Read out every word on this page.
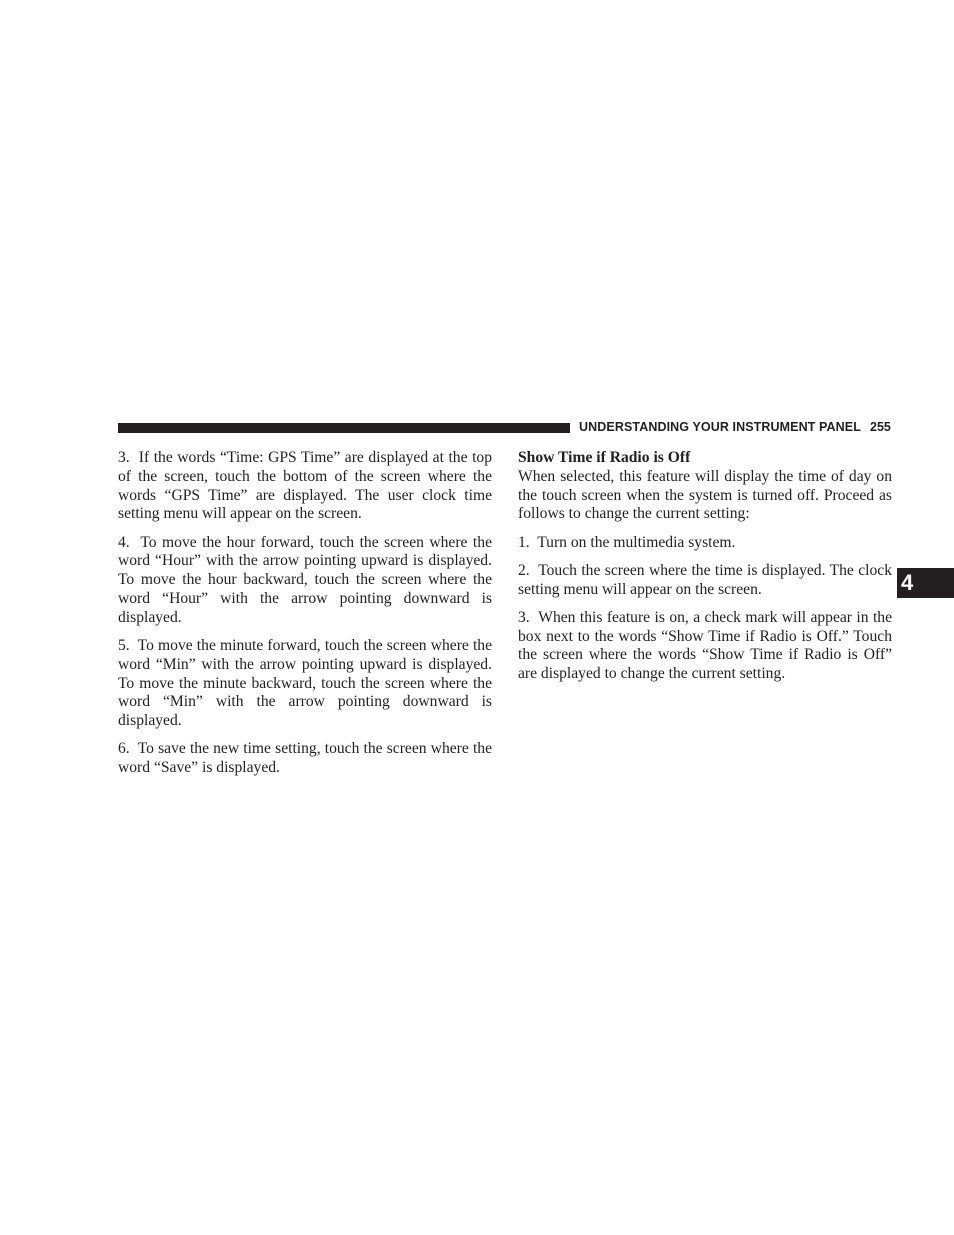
UNDERSTANDING YOUR INSTRUMENT PANEL 255

3.  If the words “Time: GPS Time” are displayed at the top of the screen, touch the bottom of the screen where the words “GPS Time” are displayed. The user clock time setting menu will appear on the screen.

4.  To move the hour forward, touch the screen where the word “Hour” with the arrow pointing upward is displayed. To move the hour backward, touch the screen where the word “Hour” with the arrow pointing downward is displayed.

5.  To move the minute forward, touch the screen where the word “Min” with the arrow pointing upward is displayed. To move the minute backward, touch the screen where the word “Min” with the arrow pointing downward is displayed.

6.  To save the new time setting, touch the screen where the word “Save” is displayed.

Show Time if Radio is Off

When selected, this feature will display the time of day on the touch screen when the system is turned off. Proceed as follows to change the current setting:

1.  Turn on the multimedia system.

2.  Touch the screen where the time is displayed. The clock setting menu will appear on the screen.

3.  When this feature is on, a check mark will appear in the box next to the words “Show Time if Radio is Off.” Touch the screen where the words “Show Time if Radio is Off” are displayed to change the current setting.

4
